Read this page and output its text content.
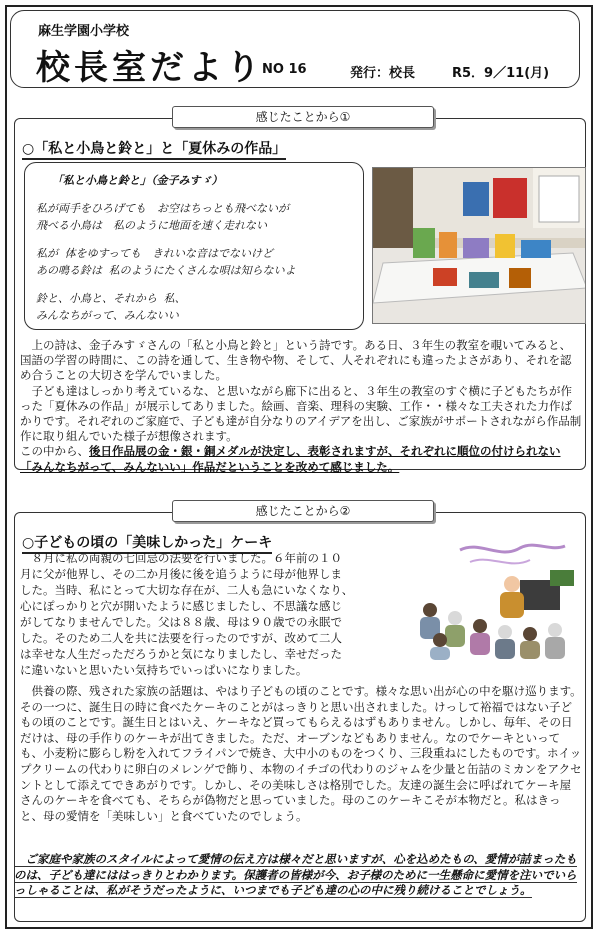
麻生学園小学校
校長室だより
NO 16	発行：校長	R5．9／11(月)
感じたことから①
○「私と小鳥と鈴と」と「夏休みの作品」
「私と小鳥と鈴と」（金子みすゞ）
私が両手をひろげても　お空はちっとも飛べないが
飛べる小鳥は　私のように地面を速く走れない
私が 体をゆすっても　きれいな音はでないけど
あの鳴る鈴は 私のようにたくさんな唄は知らないよ
鈴と、小鳥と、それから 私、
みんなちがって、みんないい

上の詩は、金子みすゞさんの「私と小鳥と鈴と」という詩です。ある日、３年生の教室を覗いてみると、国語の学習の時間に、この詩を通して、生き物や物、そして、人それぞれにも違ったよさがあり、それを認め合うことの大切さを学んでいました。

子ども達はしっかり考えているな、と思いながら廊下に出ると、３年生の教室のすぐ横に子どもたちが作った「夏休みの作品」が展示してありました。絵画、音楽、理科の実験、工作・・様々な工夫された力作ばかりです。それぞれのご家庭で、子ども達が自分なりのアイデアを出し、ご家族がサポートされながら作品制作に取り組んでいた様子が想像されます。

この中から、後日作品展の金・銀・銅メダルが決定し、表彰されますが、それぞれに順位の付けられない「みんなちがって、みんないい」作品だということを改めて感じました。

感じたことから②
○子どもの頃の「美味しかった」ケーキ
８月に私の両親の七回忌の法要を行いました。６年前の１０
月に父が他界し、その二か月後に後を追うように母が他界しま
した。当時、私にとって大切な存在が、二人も急にいなくなり、
心にぽっかりと穴が開いたように感じましたし、不思議な感じ
がしてなりませんでした。父は８８歳、母は９０歳での永眠で
した。そのため二人を共に法要を行ったのですが、改めて二人
は幸せな人生だっただろうかと気になりましたし、幸せだった
に違いないと思いたい気持ちでいっぱいになりました。

供養の際、残された家族の話題は、やはり子どもの頃のことです。様々な思い出が心の中を駆け巡ります。その一つに、誕生日の時に食べたケーキのことがはっきりと思い出されました。けっして裕福ではない子どもの頃のことです。誕生日とはいえ、ケーキなど買ってもらえるはずもありません。しかし、毎年、その日だけは、母の手作りのケーキが出てきました。ただ、オーブンなどもありません。なのでケーキといっても、小麦粉に膨らし粉を入れてフライパンで焼き、大中小のものをつくり、三段重ねにしたものです。ホイップクリームの代わりに卵白のメレンゲで飾り、本物のイチゴの代わりのジャムを少量と缶詰のミカンをアクセントとして添えてできあがりです。しかし、その美味しさは格別でした。友達の誕生会に呼ばれてケーキ屋さんのケーキを食べても、そちらが偽物だと思っていました。母のこのケーキこそが本物だと。私はきっと、母の愛情を「美味しい」と食べていたのでしょう。

ご家庭や家族のスタイルによって愛情の伝え方は様々だと思いますが、心を込めたもの、愛情が詰まったものは、子ども達にははっきりとわかります。保護者の皆様が今、お子様のために一生懸命に愛情を注いでいらっしゃることは、私がそうだったように、いつまでも子ども達の心の中に残り続けることでしょう。
